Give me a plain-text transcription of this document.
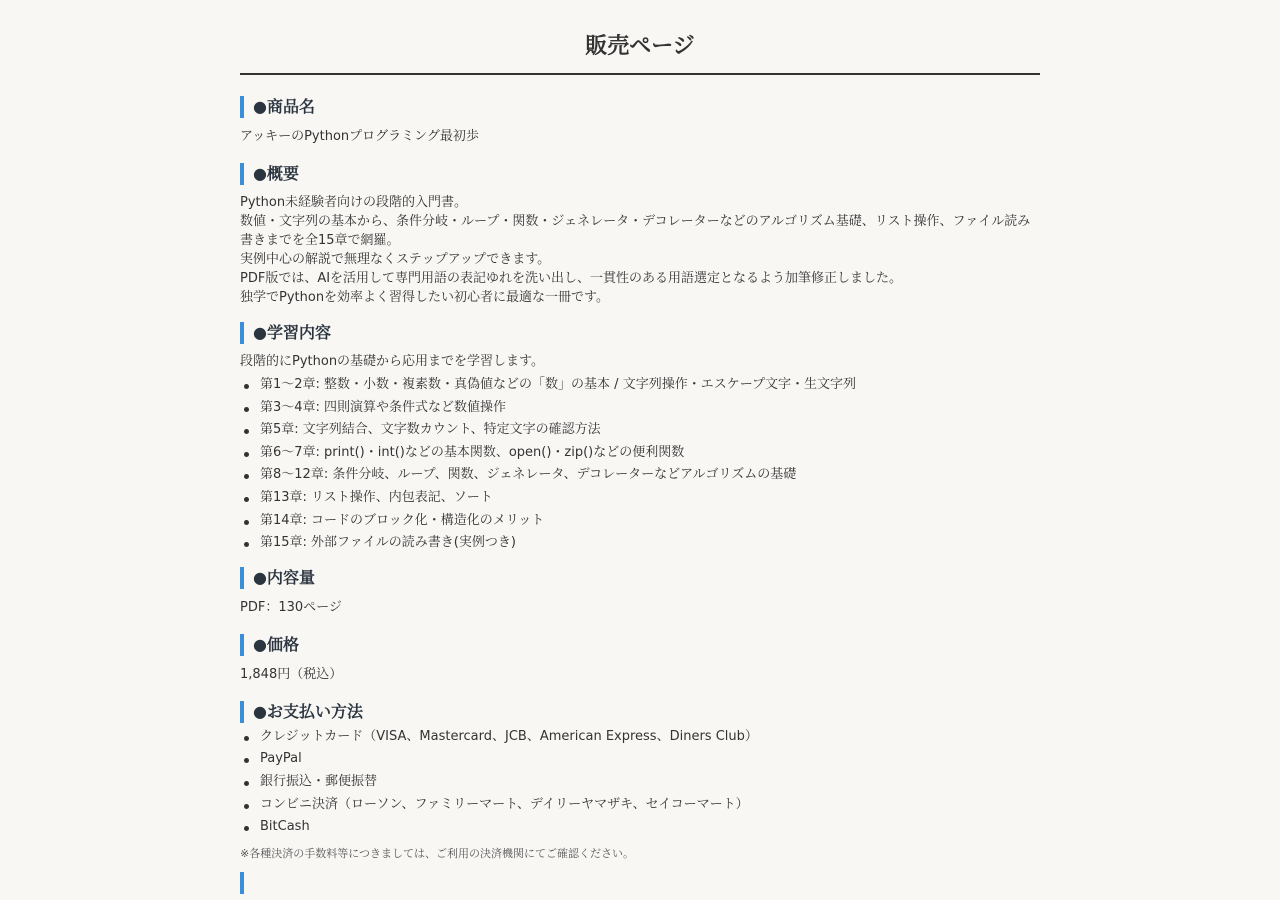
販売ページ
●商品名

アッキーのPythonプログラミング最初歩

●概要
Python未経験者向けの段階的入門書。
数値・文字列の基本から、条件分岐・ループ・関数・ジェネレータ・デコレーターなどのアルゴリズム基礎、リスト操作、ファイル読み書きまでを全15章で網羅。
実例中心の解説で無理なくステップアップできます。
PDF版では、AIを活用して専門用語の表記ゆれを洗い出し、一貫性のある用語選定となるよう加筆修正しました。
独学でPythonを効率よく習得したい初心者に最適な一冊です。
●学習内容

段階的にPythonの基礎から応用までを学習します。

第1〜2章: 整数・小数・複素数・真偽値などの「数」の基本 / 文字列操作・エスケープ文字・生文字列
第3〜4章: 四則演算や条件式など数値操作
第5章: 文字列結合、文字数カウント、特定文字の確認方法
第6〜7章: print()・int()などの基本関数、open()・zip()などの便利関数
第8〜12章: 条件分岐、ループ、関数、ジェネレータ、デコレーターなどアルゴリズムの基礎
第13章: リスト操作、内包表記、ソート
第14章: コードのブロック化・構造化のメリット
第15章: 外部ファイルの読み書き(実例つき)
●内容量

PDF：130ページ

●価格

1,848円（税込）

●お支払い方法
クレジットカード（VISA、Mastercard、JCB、American Express、Diners Club）
PayPal
銀行振込・郵便振替
コンビニ決済（ローソン、ファミリーマート、デイリーヤマザキ、セイコーマート）
BitCash

※各種決済の手数料等につきましては、ご利用の決済機関にてご確認ください。
